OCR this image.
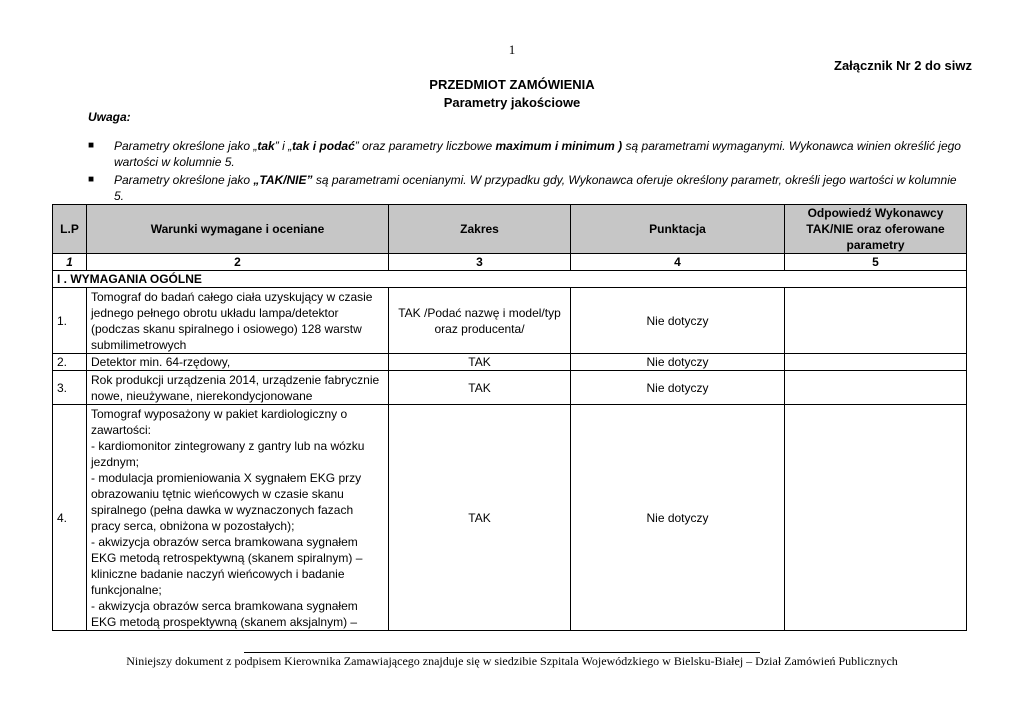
1
Załącznik Nr 2 do siwz
PRZEDMIOT ZAMÓWIENIA
Parametry jakościowe
Uwaga:
■ Parametry określone jako „tak” i „tak i podać” oraz parametry liczbowe maximum i minimum ) są parametrami wymaganymi. Wykonawca winien określić jego wartości w kolumnie 5.
■ Parametry określone jako „TAK/NIE” są parametrami ocenianymi. W przypadku gdy, Wykonawca oferuje określony parametr, określi jego wartości w kolumnie 5.
L.P	Warunki wymagane i oceniane	Zakres	Punktacja	Odpowiedź Wykonawcy TAK/NIE oraz oferowane parametry
1	2	3	4	5
I . WYMAGANIA OGÓLNE				
1.	Tomograf do badań całego ciała uzyskujący w czasie jednego pełnego obrotu układu lampa/detektor (podczas skanu spiralnego i osiowego) 128 warstw submilimetrowych	TAK /Podać nazwę i model/typ oraz producenta/	Nie dotyczy	
2.	Detektor min. 64-rzędowy,	TAK	Nie dotyczy	
3.	Rok produkcji urządzenia 2014, urządzenie fabrycznie nowe, nieużywane, nierekondycjonowane	TAK	Nie dotyczy	
4.	Tomograf wyposażony w pakiet kardiologiczny o zawartości:
- kardiomonitor zintegrowany z gantry lub na wózku jezdnym;
- modulacja promieniowania X sygnałem EKG przy obrazowaniu tętnic wieńcowych w czasie skanu spiralnego (pełna dawka w wyznaczonych fazach pracy serca, obniżona w pozostałych);
- akwizycja obrazów serca bramkowana sygnałem EKG metodą retrospektywną (skanem spiralnym) – kliniczne badanie naczyń wieńcowych i badanie funkcjonalne;
- akwizycja obrazów serca bramkowana sygnałem EKG metodą prospektywną (skanem aksjalnym) –	TAK	Nie dotyczy	
Niniejszy dokument z podpisem Kierownika Zamawiającego znajduje się w siedzibie Szpitala Wojewódzkiego w Bielsku-Białej – Dział Zamówień Publicznych
